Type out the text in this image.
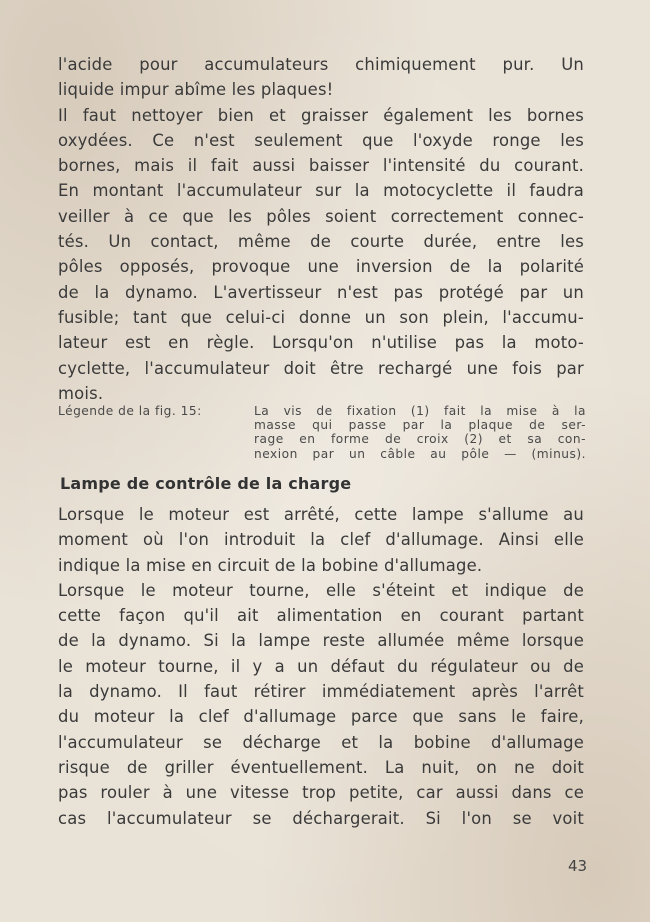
l'acide pour accumulateurs chimiquement pur. Un
liquide impur abîme les plaques!
Il faut nettoyer bien et graisser également les bornes
oxydées. Ce n'est seulement que l'oxyde ronge les
bornes, mais il fait aussi baisser l'intensité du courant.
En montant l'accumulateur sur la motocyclette il faudra
veiller à ce que les pôles soient correctement connec-
tés. Un contact, même de courte durée, entre les
pôles opposés, provoque une inversion de la polarité
de la dynamo. L'avertisseur n'est pas protégé par un
fusible; tant que celui-ci donne un son plein, l'accumu-
lateur est en règle. Lorsqu'on n'utilise pas la moto-
cyclette, l'accumulateur doit être rechargé une fois par
mois.
Légende de la fig. 15:	La vis de fixation (1) fait la mise à la
masse qui passe par la plaque de ser-
rage en forme de croix (2) et sa con-
nexion par un câble au pôle — (minus).
Lampe de contrôle de la charge
Lorsque le moteur est arrêté, cette lampe s'allume au
moment où l'on introduit la clef d'allumage. Ainsi elle
indique la mise en circuit de la bobine d'allumage.
Lorsque le moteur tourne, elle s'éteint et indique de
cette façon qu'il ait alimentation en courant partant
de la dynamo. Si la lampe reste allumée même lorsque
le moteur tourne, il y a un défaut du régulateur ou de
la dynamo. Il faut rétirer immédiatement après l'arrêt
du moteur la clef d'allumage parce que sans le faire,
l'accumulateur se décharge et la bobine d'allumage
risque de griller éventuellement. La nuit, on ne doit
pas rouler à une vitesse trop petite, car aussi dans ce
cas l'accumulateur se déchargerait. Si l'on se voit
43
